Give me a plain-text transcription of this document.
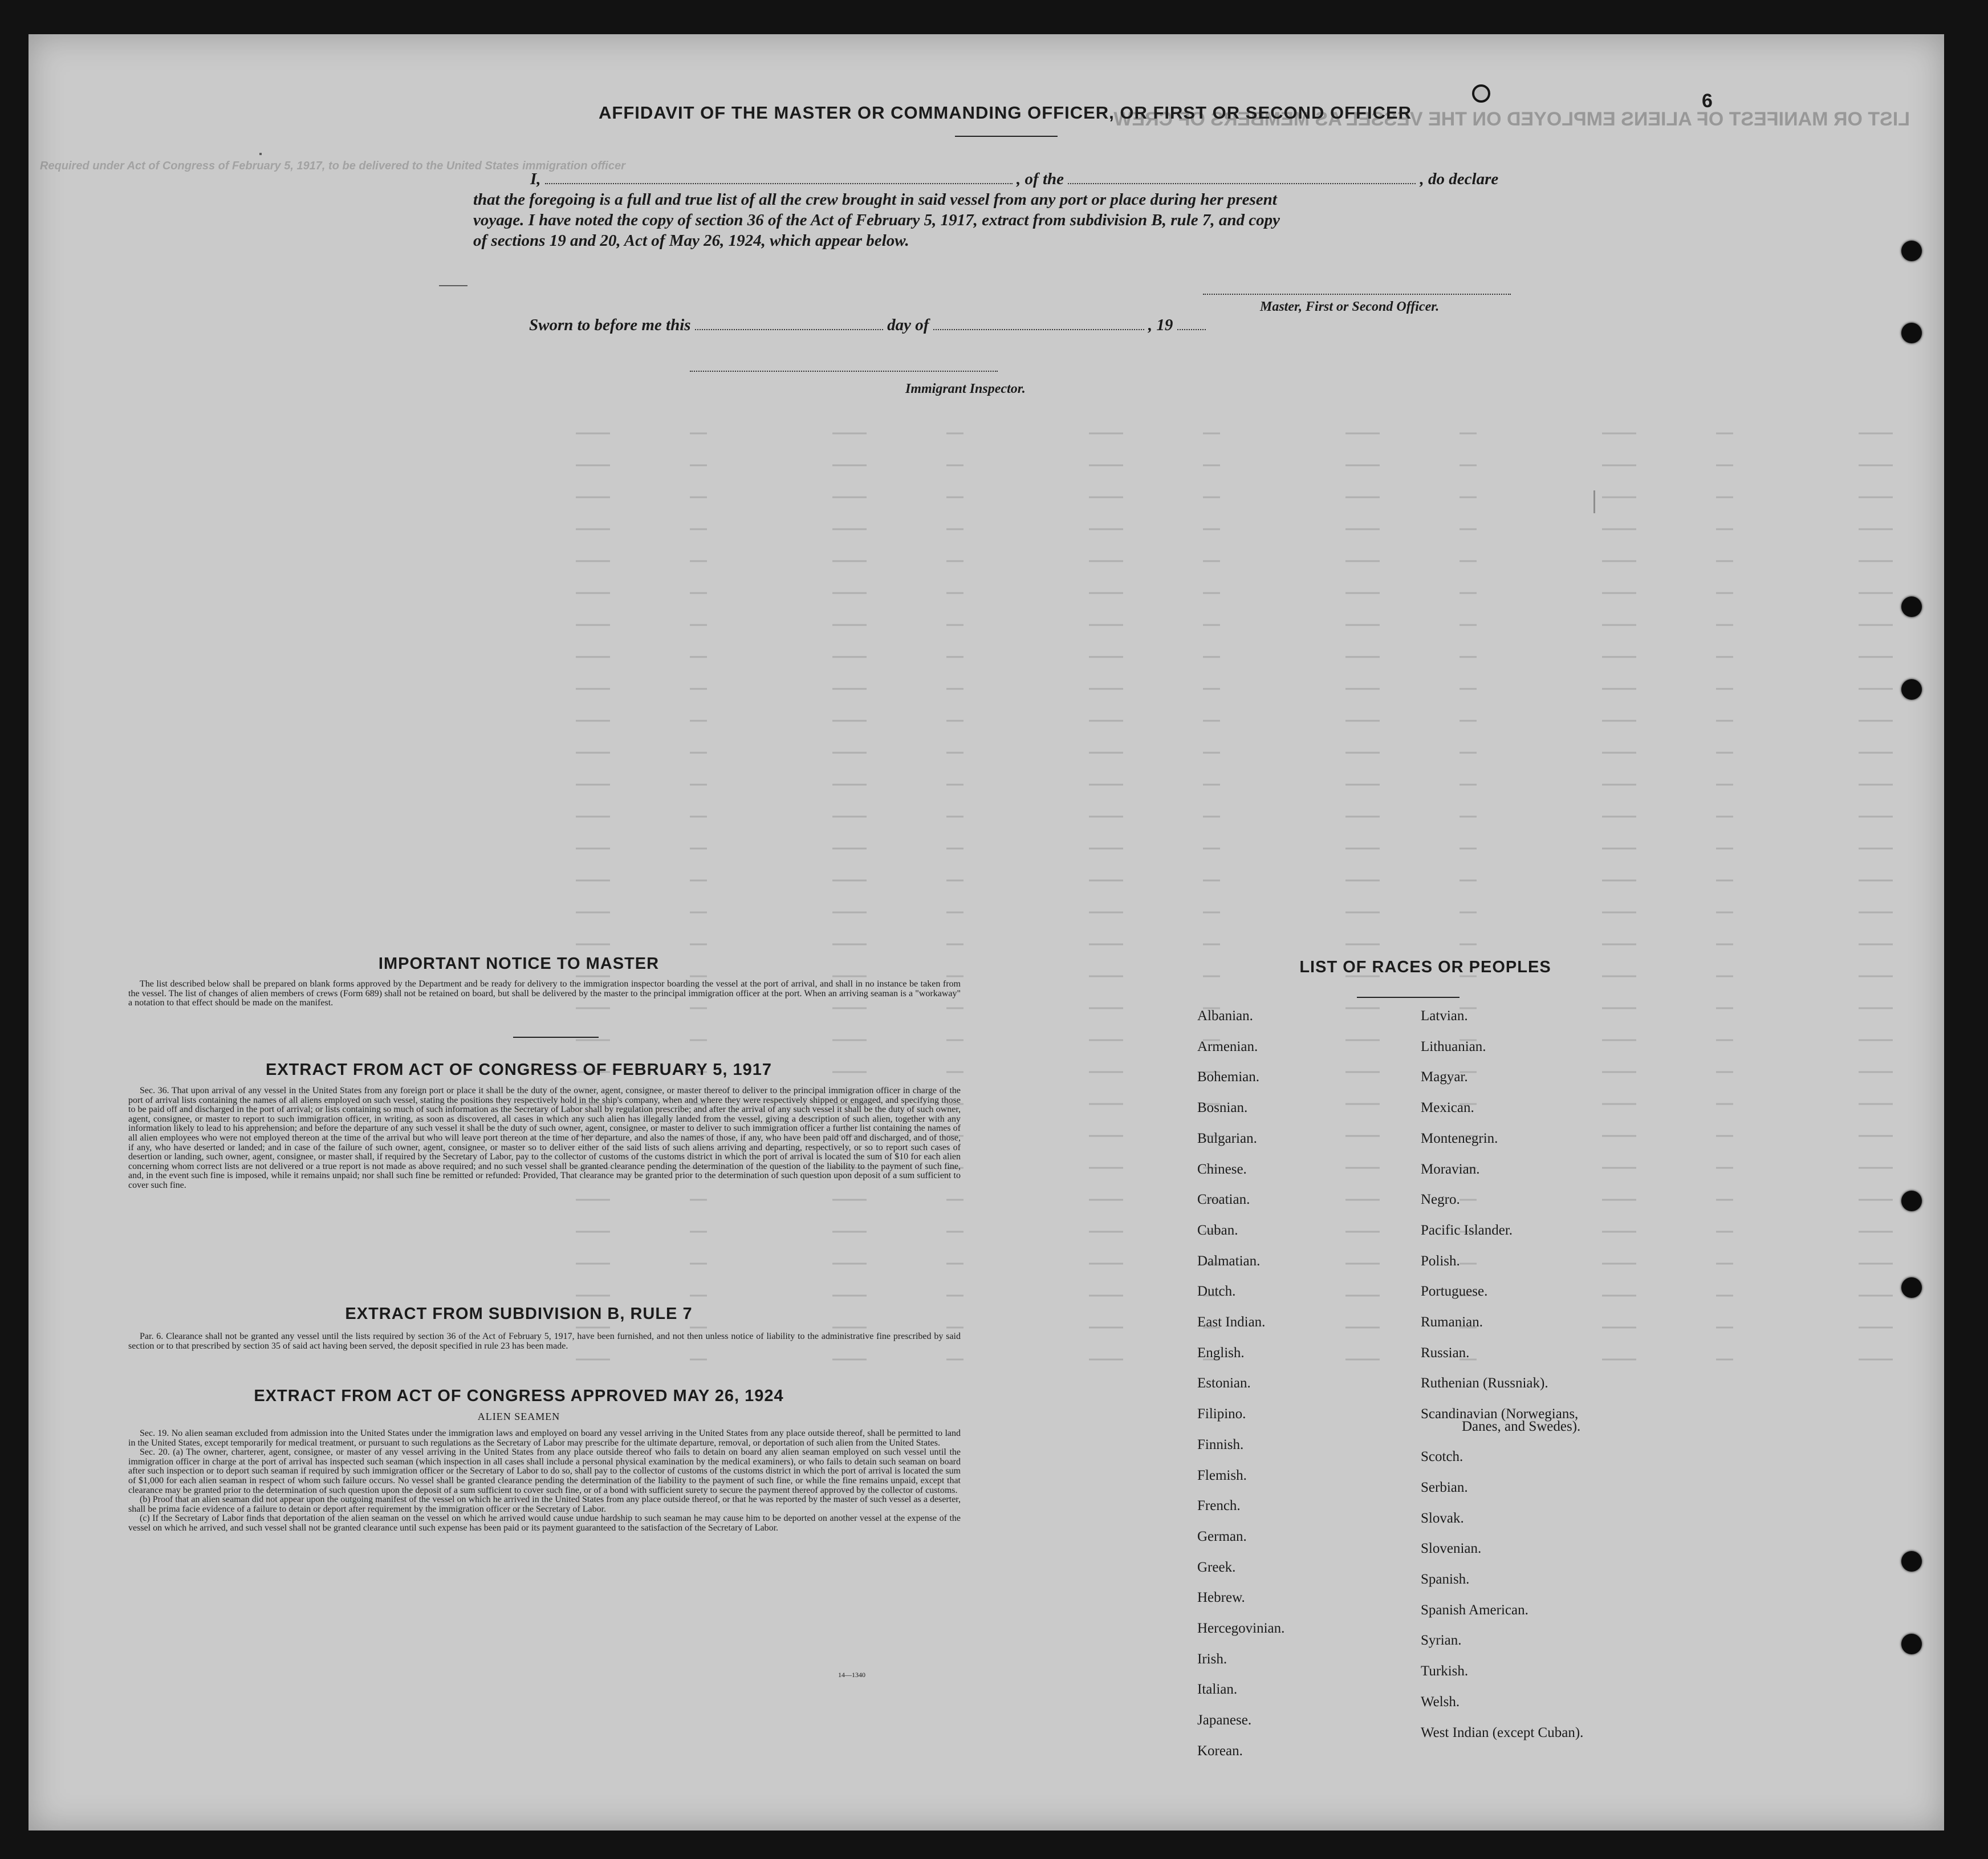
LIST OR MANIFEST OF ALIENS EMPLOYED ON THE VESSEL AS MEMBERS OF CREW
Required under Act of Congress of February 5, 1917, to be delivered to the United States immigration officer
AFFIDAVIT OF THE MASTER OR COMMANDING OFFICER, OR FIRST OR SECOND OFFICER
I,	, of the	, do declare
that the foregoing is a full and true list of all the crew brought in said vessel from any port or place during her present
voyage. I have noted the copy of section 36 of the Act of February 5, 1917, extract from subdivision B, rule 7, and copy
of sections 19 and 20, Act of May 26, 1924, which appear below.
Master, First or Second Officer.
Sworn to before me this	day of	, 19
Immigrant Inspector.
6
IMPORTANT NOTICE TO MASTER

The list described below shall be prepared on blank forms approved by the Department and be ready for delivery to the immigration inspector boarding the vessel at the port of arrival, and shall in no instance be taken from the vessel. The list of changes of alien members of crews (Form 689) shall not be retained on board, but shall be delivered by the master to the principal immigration officer at the port. When an arriving seaman is a "workaway" a notation to that effect should be made on the manifest.

EXTRACT FROM ACT OF CONGRESS OF FEBRUARY 5, 1917

Sec. 36. That upon arrival of any vessel in the United States from any foreign port or place it shall be the duty of the owner, agent, consignee, or master thereof to deliver to the principal immigration officer in charge of the port of arrival lists containing the names of all aliens employed on such vessel, stating the positions they respectively hold in the ship's company, when and where they were respectively shipped or engaged, and specifying those to be paid off and discharged in the port of arrival; or lists containing so much of such information as the Secretary of Labor shall by regulation prescribe; and after the arrival of any such vessel it shall be the duty of such owner, agent, consignee, or master to report to such immigration officer, in writing, as soon as discovered, all cases in which any such alien has illegally landed from the vessel, giving a description of such alien, together with any information likely to lead to his apprehension; and before the departure of any such vessel it shall be the duty of such owner, agent, consignee, or master to deliver to such immigration officer a further list containing the names of all alien employees who were not employed thereon at the time of the arrival but who will leave port thereon at the time of her departure, and also the names of those, if any, who have been paid off and discharged, and of those, if any, who have deserted or landed; and in case of the failure of such owner, agent, consignee, or master so to deliver either of the said lists of such aliens arriving and departing, respectively, or so to report such cases of desertion or landing, such owner, agent, consignee, or master shall, if required by the Secretary of Labor, pay to the collector of customs of the customs district in which the port of arrival is located the sum of $10 for each alien concerning whom correct lists are not delivered or a true report is not made as above required; and no such vessel shall be granted clearance pending the determination of the question of the liability to the payment of such fine, and, in the event such fine is imposed, while it remains unpaid; nor shall such fine be remitted or refunded: Provided, That clearance may be granted prior to the determination of such question upon deposit of a sum sufficient to cover such fine.

EXTRACT FROM SUBDIVISION B, RULE 7

Par. 6. Clearance shall not be granted any vessel until the lists required by section 36 of the Act of February 5, 1917, have been furnished, and not then unless notice of liability to the administrative fine prescribed by said section or to that prescribed by section 35 of said act having been served, the deposit specified in rule 23 has been made.

EXTRACT FROM ACT OF CONGRESS APPROVED MAY 26, 1924
ALIEN SEAMEN

Sec. 19. No alien seaman excluded from admission into the United States under the immigration laws and employed on board any vessel arriving in the United States from any place outside thereof, shall be permitted to land in the United States, except temporarily for medical treatment, or pursuant to such regulations as the Secretary of Labor may prescribe for the ultimate departure, removal, or deportation of such alien from the United States.

Sec. 20. (a) The owner, charterer, agent, consignee, or master of any vessel arriving in the United States from any place outside thereof who fails to detain on board any alien seaman employed on such vessel until the immigration officer in charge at the port of arrival has inspected such seaman (which inspection in all cases shall include a personal physical examination by the medical examiners), or who fails to detain such seaman on board after such inspection or to deport such seaman if required by such immigration officer or the Secretary of Labor to do so, shall pay to the collector of customs of the customs district in which the port of arrival is located the sum of $1,000 for each alien seaman in respect of whom such failure occurs. No vessel shall be granted clearance pending the determination of the liability to the payment of such fine, or while the fine remains unpaid, except that clearance may be granted prior to the determination of such question upon the deposit of a sum sufficient to cover such fine, or of a bond with sufficient surety to secure the payment thereof approved by the collector of customs.

(b) Proof that an alien seaman did not appear upon the outgoing manifest of the vessel on which he arrived in the United States from any place outside thereof, or that he was reported by the master of such vessel as a deserter, shall be prima facie evidence of a failure to detain or deport after requirement by the immigration officer or the Secretary of Labor.

(c) If the Secretary of Labor finds that deportation of the alien seaman on the vessel on which he arrived would cause undue hardship to such seaman he may cause him to be deported on another vessel at the expense of the vessel on which he arrived, and such vessel shall not be granted clearance until such expense has been paid or its payment guaranteed to the satisfaction of the Secretary of Labor.

14—1340
LIST OF RACES OR PEOPLES
Albanian.
Armenian.
Bohemian.
Bosnian.
Bulgarian.
Chinese.
Croatian.
Cuban.
Dalmatian.
Dutch.
East Indian.
English.
Estonian.
Filipino.
Finnish.
Flemish.
French.
German.
Greek.
Hebrew.
Hercegovinian.
Irish.
Italian.
Japanese.
Korean.
Latvian.
Lithuanian.
Magyar.
Mexican.
Montenegrin.
Moravian.
Negro.
Pacific Islander.
Polish.
Portuguese.
Rumanian.
Russian.
Ruthenian (Russniak).
Scandinavian (Norwegians,
Danes, and Swedes).
Scotch.
Serbian.
Slovak.
Slovenian.
Spanish.
Spanish American.
Syrian.
Turkish.
Welsh.
West Indian (except Cuban).
